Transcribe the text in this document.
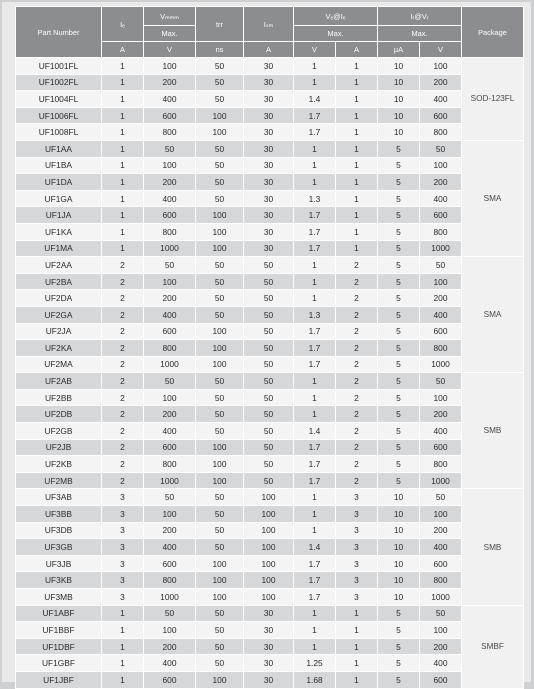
Part Number	Iₑ	Vₘₘₘ	trr	Iₛₘ	Vₑ@Iₑ		Iᵣ@Vᵣ		Package
		Max.			Max.		Max.		
	A	V	ns	A	V	A	µA	V	
UF1001FL	1	100	50	30	1	1	10	100	SOD-123FL
UF1002FL	1	200	50	30	1	1	10	200	
UF1004FL	1	400	50	30	1.4	1	10	400	
UF1006FL	1	600	100	30	1.7	1	10	600	
UF1008FL	1	800	100	30	1.7	1	10	800	
UF1AA	1	50	50	30	1	1	5	50	SMA
UF1BA	1	100	50	30	1	1	5	100	
UF1DA	1	200	50	30	1	1	5	200	
UF1GA	1	400	50	30	1.3	1	5	400	
UF1JA	1	600	100	30	1.7	1	5	600	
UF1KA	1	800	100	30	1.7	1	5	800	
UF1MA	1	1000	100	30	1.7	1	5	1000	
UF2AA	2	50	50	50	1	2	5	50	SMA
UF2BA	2	100	50	50	1	2	5	100	
UF2DA	2	200	50	50	1	2	5	200	
UF2GA	2	400	50	50	1.3	2	5	400	
UF2JA	2	600	100	50	1.7	2	5	600	
UF2KA	2	800	100	50	1.7	2	5	800	
UF2MA	2	1000	100	50	1.7	2	5	1000	
UF2AB	2	50	50	50	1	2	5	50	SMB
UF2BB	2	100	50	50	1	2	5	100	
UF2DB	2	200	50	50	1	2	5	200	
UF2GB	2	400	50	50	1.4	2	5	400	
UF2JB	2	600	100	50	1.7	2	5	600	
UF2KB	2	800	100	50	1.7	2	5	800	
UF2MB	2	1000	100	50	1.7	2	5	1000	
UF3AB	3	50	50	100	1	3	10	50	SMB
UF3BB	3	100	50	100	1	3	10	100	
UF3DB	3	200	50	100	1	3	10	200	
UF3GB	3	400	50	100	1.4	3	10	400	
UF3JB	3	600	100	100	1.7	3	10	600	
UF3KB	3	800	100	100	1.7	3	10	800	
UF3MB	3	1000	100	100	1.7	3	10	1000	
UF1ABF	1	50	50	30	1	1	5	50	SMBF
UF1BBF	1	100	50	30	1	1	5	100	
UF1DBF	1	200	50	30	1	1	5	200	
UF1GBF	1	400	50	30	1.25	1	5	400	
UF1JBF	1	600	100	30	1.68	1	5	600	
